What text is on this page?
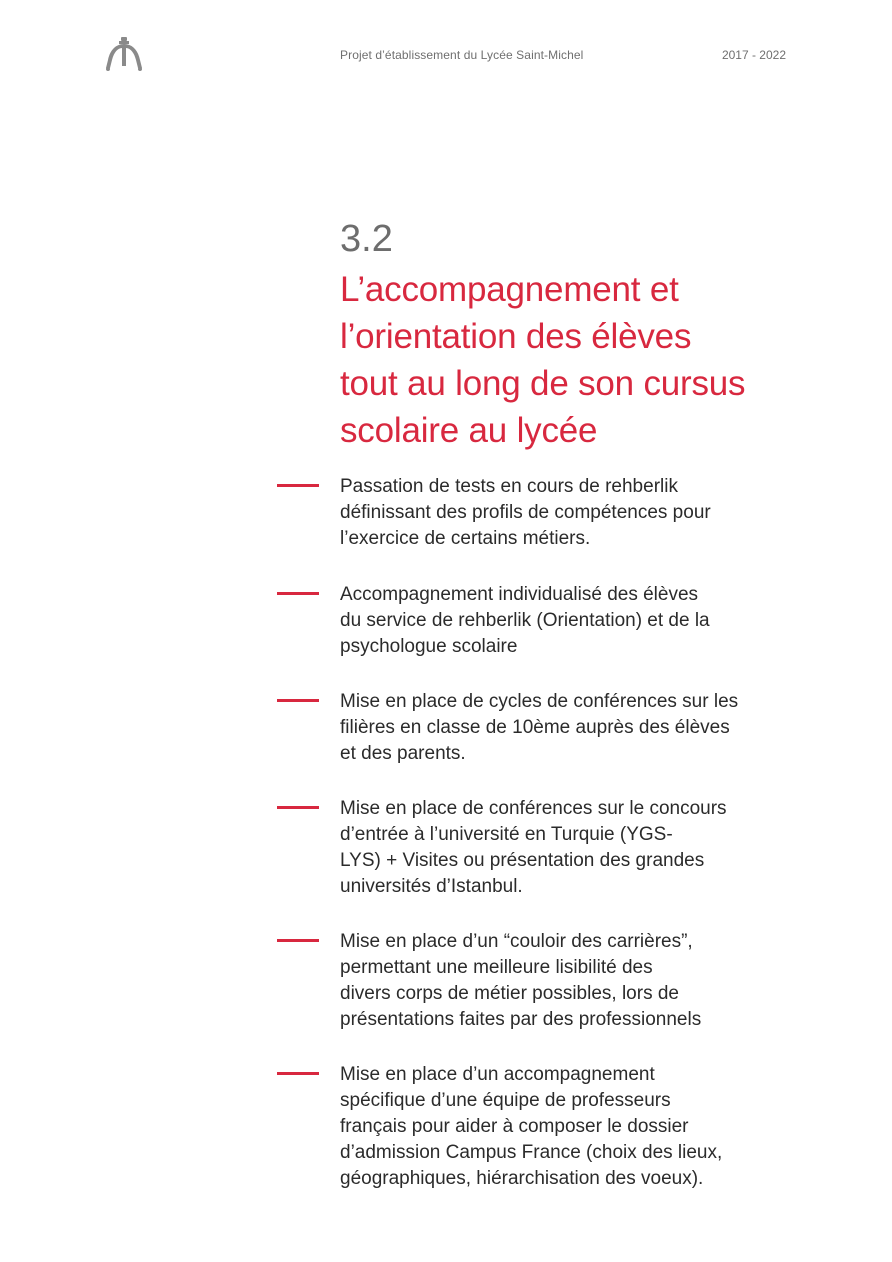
Projet d’établissement du Lycée Saint-Michel	2017 - 2022
3.2
L’accompagnement et
l’orientation des élèves
tout au long de son cursus
scolaire au lycée
Passation de tests en cours de rehberlik
définissant des profils de compétences pour
l’exercice de certains métiers.
Accompagnement individualisé des élèves
du service de rehberlik (Orientation) et de la
psychologue scolaire
Mise en place de cycles de conférences sur les
filières en classe de 10ème auprès des élèves
et des parents.
Mise en place de conférences sur le concours
d’entrée à l’université en Turquie (YGS-
LYS) + Visites ou présentation des grandes
universités d’Istanbul.
Mise en place d’un “couloir des carrières”,
permettant une meilleure lisibilité des
divers corps de métier possibles, lors de
présentations faites par des professionnels
Mise en place d’un accompagnement
spécifique d’une équipe de professeurs
français pour aider à composer le dossier
d’admission Campus France (choix des lieux,
géographiques, hiérarchisation des voeux).
